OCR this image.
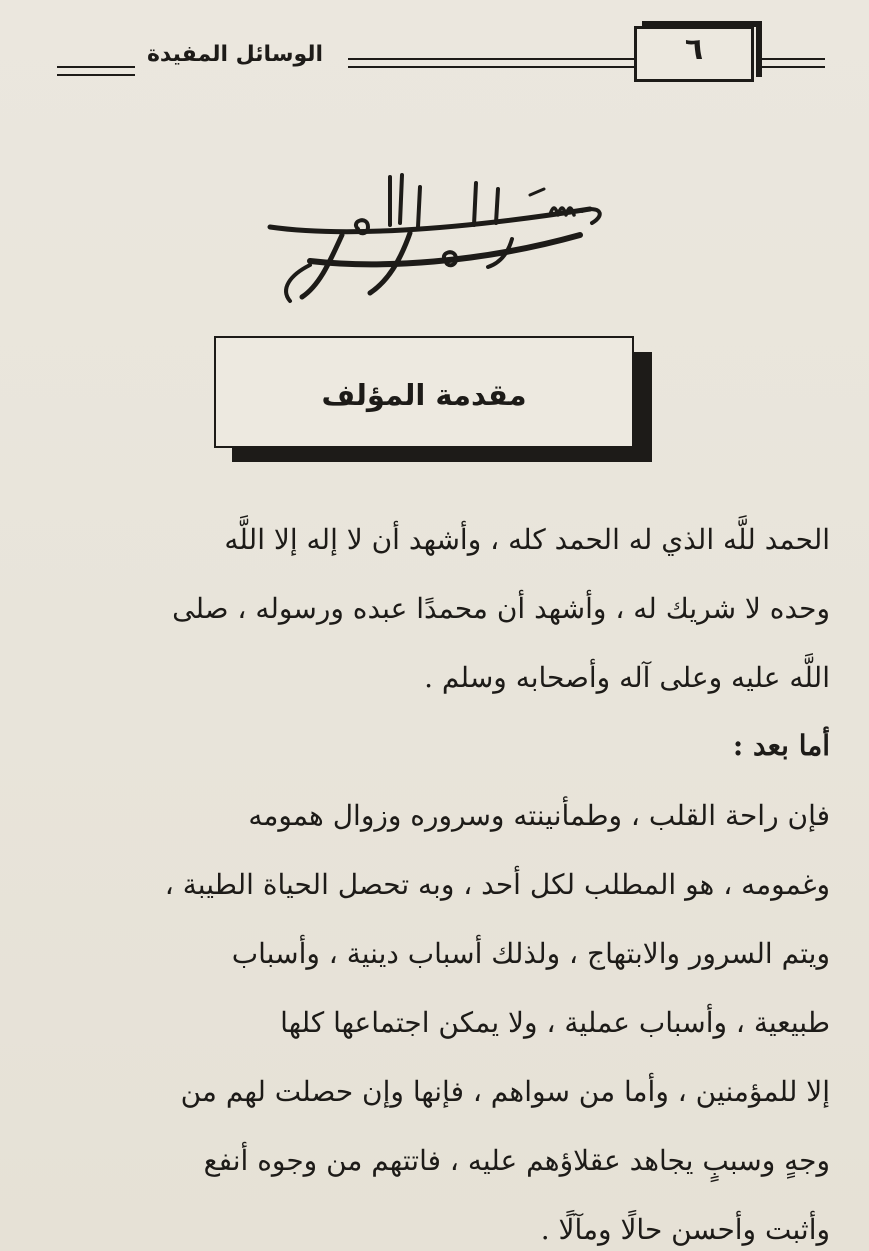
٦
الوسائل المفيدة
مقدمة المؤلف
الحمد للَّه الذي له الحمد كله ، وأشهد أن لا إله إلا اللَّه
وحده لا شريك له ، وأشهد أن محمدًا عبده ورسوله ، صلى
اللَّه عليه وعلى آله وأصحابه وسلم .
أما بعد :
فإن راحة القلب ، وطمأنينته وسروره وزوال همومه
وغمومه ، هو المطلب لكل أحد ، وبه تحصل الحياة الطيبة ،
ويتم السرور والابتهاج ، ولذلك أسباب دينية ، وأسباب
طبيعية ، وأسباب عملية ، ولا يمكن اجتماعها كلها
إلا للمؤمنين ، وأما من سواهم ، فإنها وإن حصلت لهم من
وجهٍ وسببٍ يجاهد عقلاؤهم عليه ، فاتتهم من وجوه أنفع
وأثبت وأحسن حالًا ومآلًا .
